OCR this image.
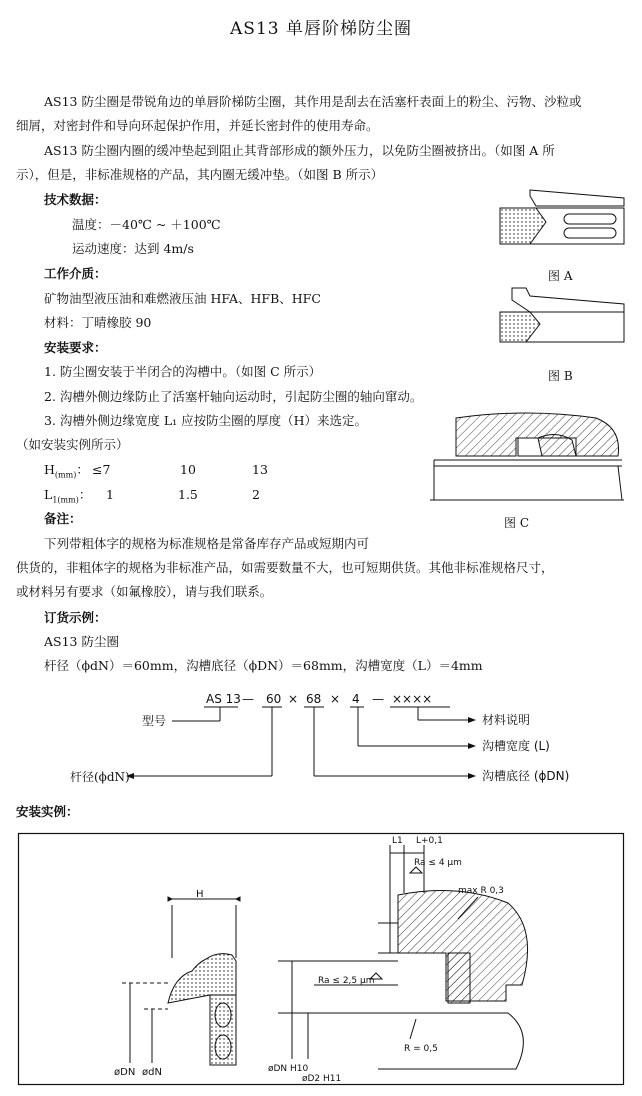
AS13 单唇阶梯防尘圈
AS13 防尘圈是带锐角边的单唇阶梯防尘圈，其作用是刮去在活塞杆表面上的粉尘、污物、沙粒或
细屑，对密封件和导向环起保护作用，并延长密封件的使用寿命。
AS13 防尘圈内圈的缓冲垫起到阻止其背部形成的额外压力，以免防尘圈被挤出。（如图 A 所
示），但是，非标准规格的产品，其内圈无缓冲垫。（如图 B 所示）
技术数据：
温度：－40℃ ~ ＋100℃
运动速度：达到 4m/s
工作介质：
矿物油型液压油和难燃液压油 HFA、HFB、HFC
材料：丁晴橡胶 90
安装要求：
1. 防尘圈安装于半闭合的沟槽中。（如图 C 所示）
2. 沟槽外侧边缘防止了活塞杆轴向运动时，引起防尘圈的轴向窜动。
3. 沟槽外侧边缘宽度 L₁ 应按防尘圈的厚度（H）来选定。
（如安装实例所示）
$H_{(mm)}$： ≤7	10	13
$L_{1(mm)}$： 1	1.5	2
备注：
下列带粗体字的规格为标准规格是常备库存产品或短期内可
供货的，非粗体字的规格为非标准产品，如需要数量不大，也可短期供货。其他非标准规格尺寸，
或材料另有要求（如氟橡胶），请与我们联系。
订货示例：
AS13 防尘圈
杆径（ϕdN）＝60mm，沟槽底径（ϕDN）＝68mm，沟槽宽度（L）＝4mm
AS 13 — 60 × 68 × 4 — ××××
型号	材料说明
沟槽宽度 (L)
沟槽底径 (ϕDN)
杆径(ϕdN)
安装实例：
图 A
图 B
图 C
H
øDN ødN
L1 L+0,1
Ra ≤ 4 μm
max R 0,3
Ra ≤ 2,5 μm
R = 0,5
øDN H10
øD2 H11
